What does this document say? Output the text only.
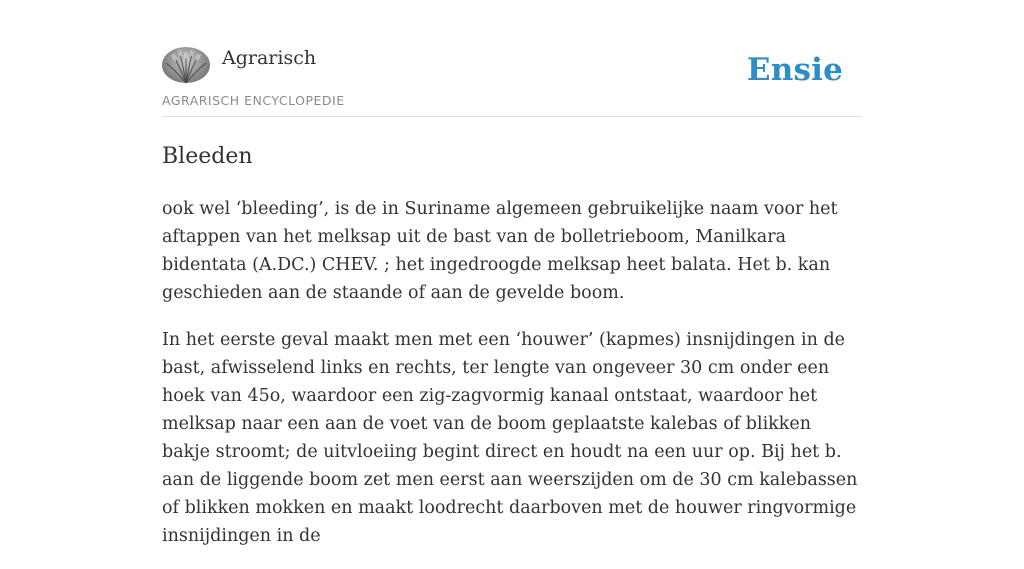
Agrarisch
AGRARISCH ENCYCLOPEDIE
Ensie
Bleeden

ook wel ‘bleeding’, is de in Suriname algemeen gebruikelijke naam voor het aftappen van het melksap uit de bast van de bolletrieboom, Manilkara bidentata (A.DC.) CHEV. ; het ingedroogde melksap heet balata. Het b. kan geschieden aan de staande of aan de gevelde boom.

In het eerste geval maakt men met een ‘houwer’ (kapmes) insnijdingen in de bast, afwisselend links en rechts, ter lengte van ongeveer 30 cm onder een hoek van 45o, waardoor een zig-zagvormig kanaal ontstaat, waardoor het melksap naar een aan de voet van de boom geplaatste kalebas of blikken bakje stroomt; de uitvloeiing begint direct en houdt na een uur op. Bij het b. aan de liggende boom zet men eerst aan weerszijden om de 30 cm kalebassen of blikken mokken en maakt loodrecht daarboven met de houwer ringvormige insnijdingen in de
